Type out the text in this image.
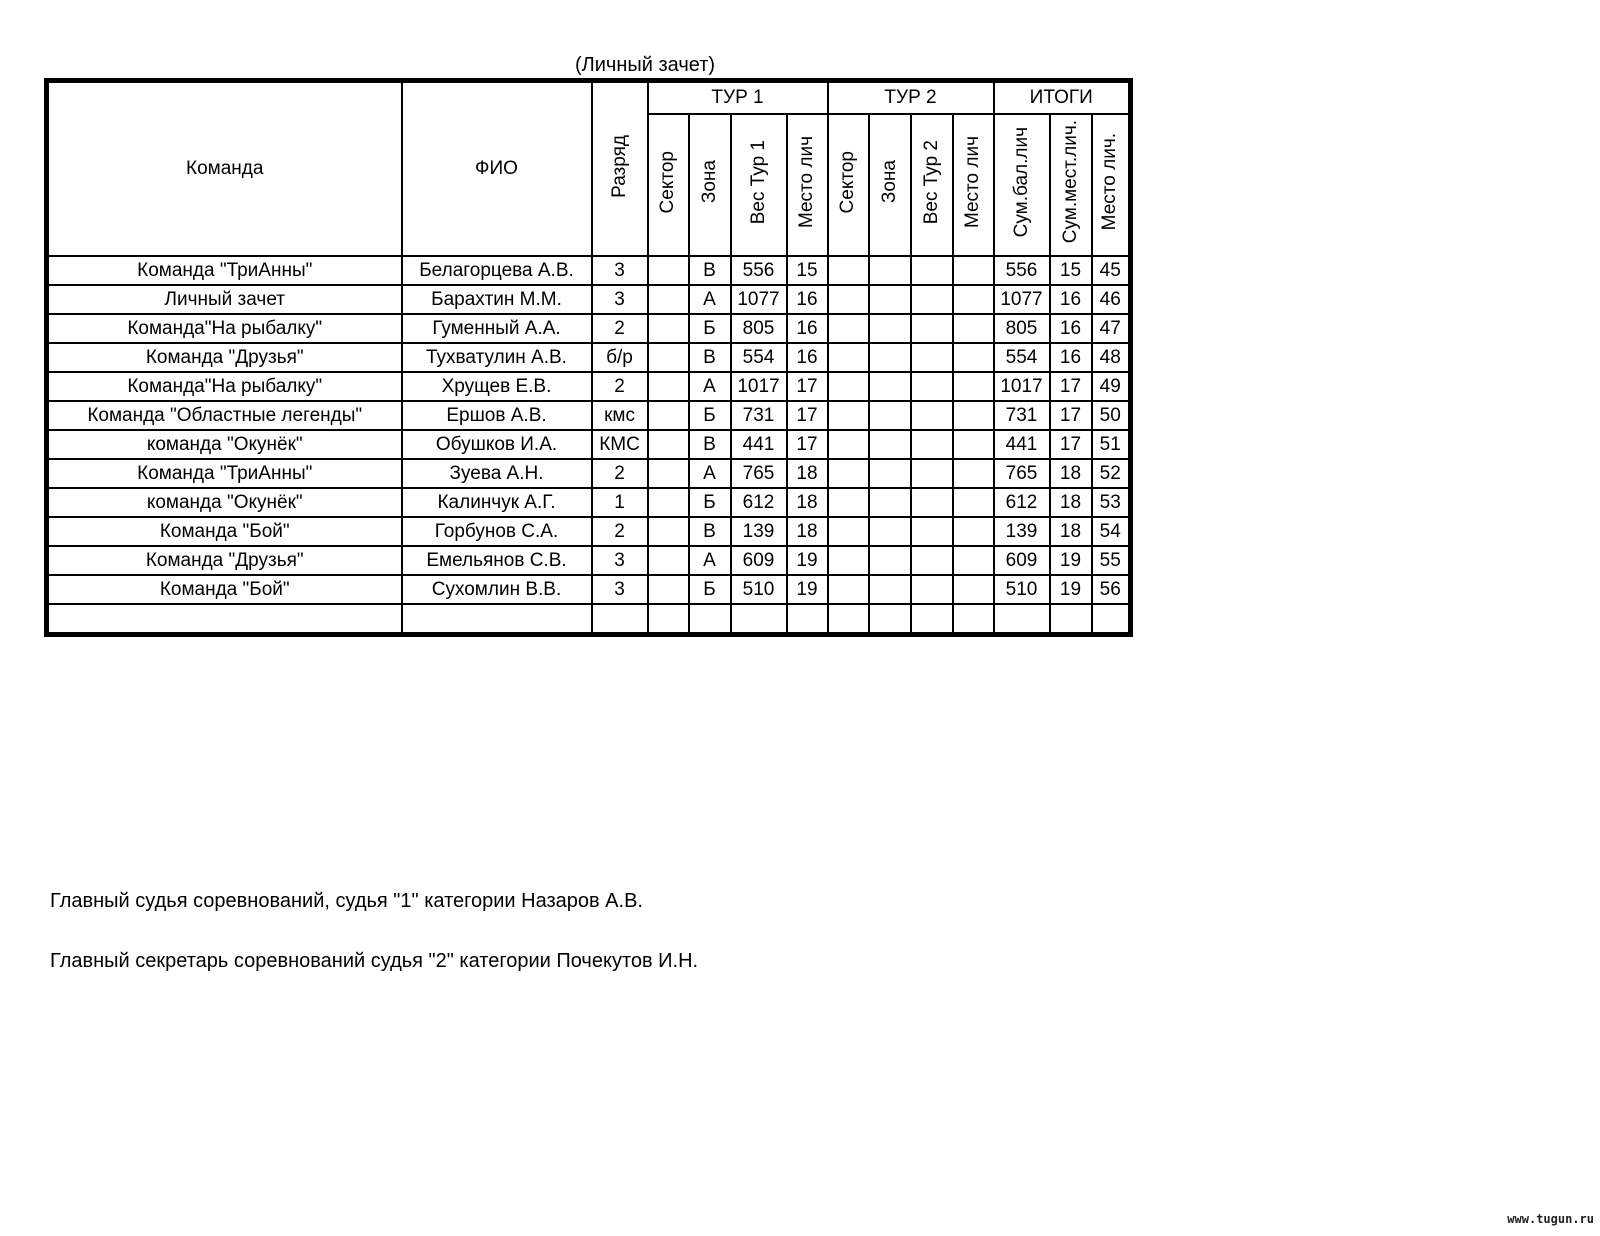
(Личный зачет)
Команда	ФИО	Разряд	ТУР 1				ТУР 2				ИТОГИ		
			Сектор	Зона	Вес Тур 1	Место лич	Сектор	Зона	Вес Тур 2	Место лич	Сум.бал.лич	Сум.мест.лич.	Место лич.
Команда "ТриАнны"	Белагорцева А.В.	3		В	556	15					556	15	45
Личный зачет	Барахтин М.М.	3		А	1077	16					1077	16	46
Команда"На рыбалку"	Гуменный А.А.	2		Б	805	16					805	16	47
Команда "Друзья"	Тухватулин А.В.	б/р		В	554	16					554	16	48
Команда"На рыбалку"	Хрущев Е.В.	2		А	1017	17					1017	17	49
Команда "Областные легенды"	Ершов А.В.	кмс		Б	731	17					731	17	50
команда "Окунёк"	Обушков И.А.	КМС		В	441	17					441	17	51
Команда "ТриАнны"	Зуева А.Н.	2		А	765	18					765	18	52
команда "Окунёк"	Калинчук А.Г.	1		Б	612	18					612	18	53
Команда "Бой"	Горбунов С.А.	2		В	139	18					139	18	54
Команда "Друзья"	Емельянов С.В.	3		А	609	19					609	19	55
Команда "Бой"	Сухомлин В.В.	3		Б	510	19					510	19	56

Главный судья соревнований, судья "1" категории Назаров А.В.
Главный секретарь соревнований судья "2" категории Почекутов И.Н.
www.tugun.ru
